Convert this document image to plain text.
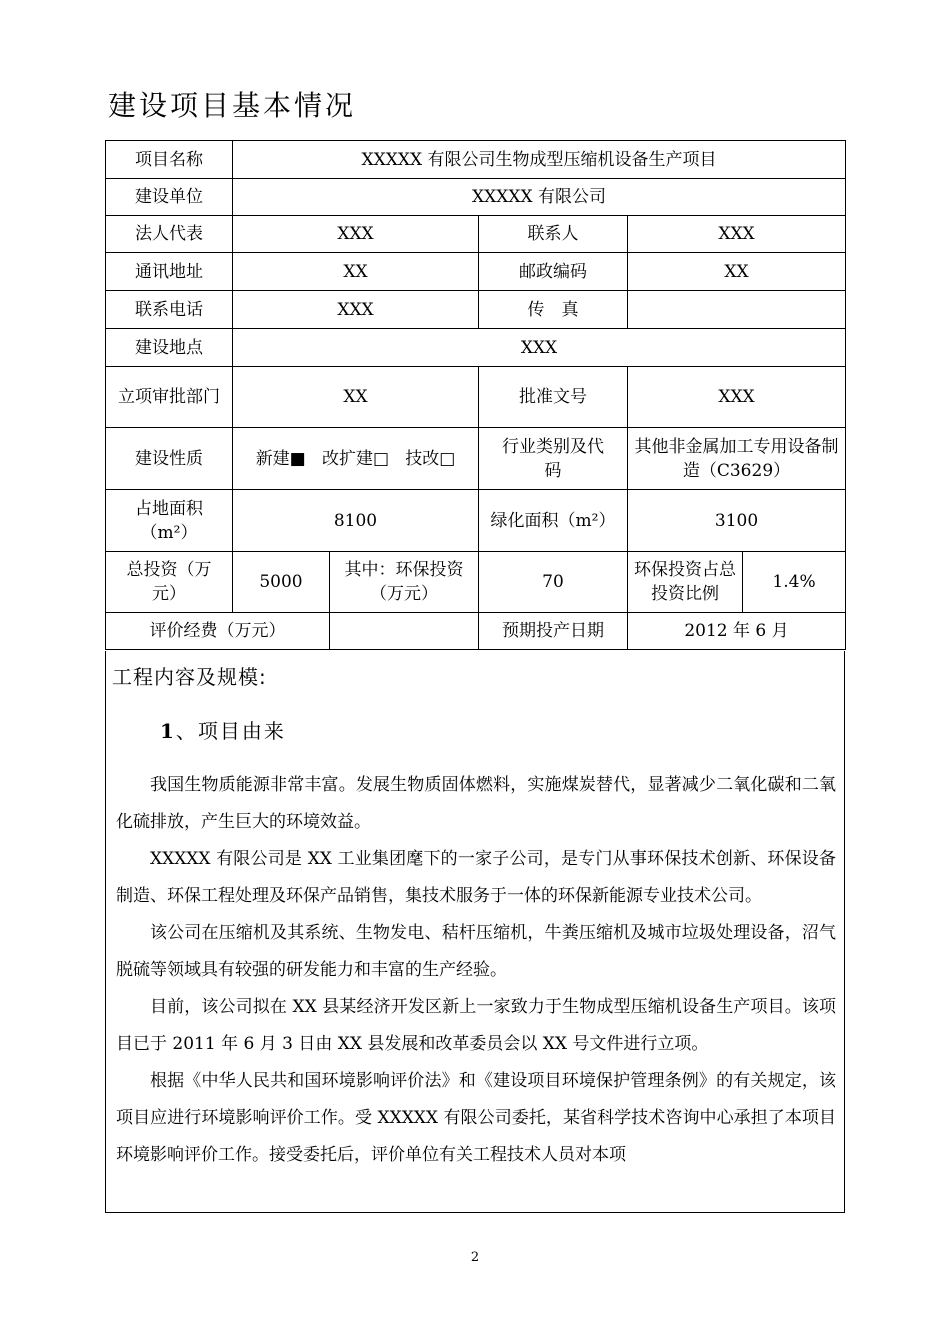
建设项目基本情况
项目名称	XXXXX 有限公司生物成型压缩机设备生产项目				
建设单位	XXXXX 有限公司				
法人代表	XXX		联系人	XXX	
通讯地址	XX		邮政编码	XX	
联系电话	XXX		传　真		
建设地点	XXX				
立项审批部门	XX		批准文号	XXX	
建设性质	新建■ 改扩建□ 技改□		行业类别及代码	其他非金属加工专用设备制造（C3629）	
占地面积（m²）	8100		绿化面积（m²）	3100	
总投资（万元）	5000	其中：环保投资（万元）	70	环保投资占总投资比例	1.4%
评价经费（万元）			预期投产日期	2012 年 6 月	
工程内容及规模:
1、项目由来

我国生物质能源非常丰富。发展生物质固体燃料，实施煤炭替代，显著减少二氧化碳和二氧化硫排放，产生巨大的环境效益。

XXXXX 有限公司是 XX 工业集团麾下的一家子公司，是专门从事环保技术创新、环保设备制造、环保工程处理及环保产品销售，集技术服务于一体的环保新能源专业技术公司。

该公司在压缩机及其系统、生物发电、秸杆压缩机，牛粪压缩机及城市垃圾处理设备，沼气脱硫等领域具有较强的研发能力和丰富的生产经验。

目前，该公司拟在 XX 县某经济开发区新上一家致力于生物成型压缩机设备生产项目。该项目已于 2011 年 6 月 3 日由 XX 县发展和改革委员会以 XX 号文件进行立项。

根据《中华人民共和国环境影响评价法》和《建设项目环境保护管理条例》的有关规定，该项目应进行环境影响评价工作。受 XXXXX 有限公司委托，某省科学技术咨询中心承担了本项目环境影响评价工作。接受委托后，评价单位有关工程技术人员对本项

2
